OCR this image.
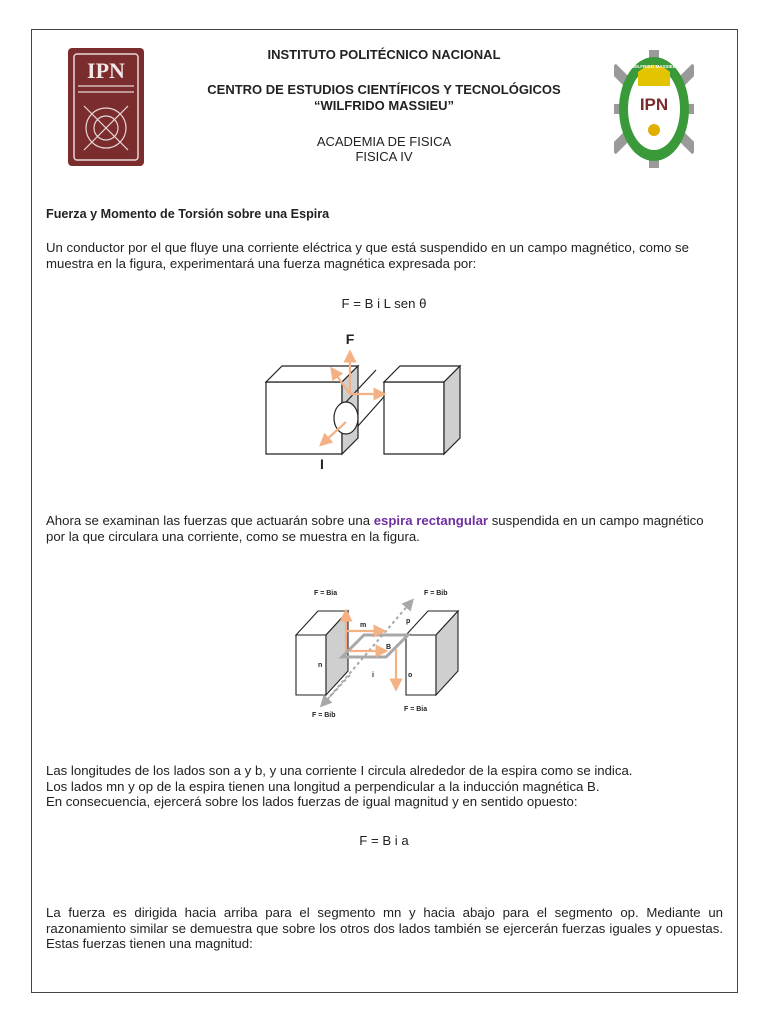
IPN	WILFRIDO MASSIEU
IPN
INSTITUTO POLITÉCNICO NACIONAL
CENTRO DE ESTUDIOS CIENTÍFICOS Y TECNOLÓGICOS
“WILFRIDO MASSIEU”
ACADEMIA DE FISICA
FISICA IV
Fuerza y Momento de Torsión sobre una Espira
Un conductor por el que fluye una corriente eléctrica y que está suspendido en un campo magnético, como se muestra en la figura, experimentará una fuerza magnética expresada por:
F = B i L sen θ
F
I
Ahora se examinan las fuerzas que actuarán sobre una espira rectangular suspendida en un campo magnético por la que circulara una corriente, como se muestra en la figura.
F = Bia	F = Bib
m
p
B
n
i	o
F = Bib
F = Bia
Las longitudes de los lados son a y b, y una corriente I circula alrededor de la espira como se indica.
Los lados mn y op de la espira tienen una longitud a perpendicular a la inducción magnética B.
En consecuencia, ejercerá sobre los lados fuerzas de igual magnitud y en sentido opuesto:
F = B i a
La fuerza es dirigida hacia arriba para el segmento mn y hacia abajo para el segmento op. Mediante un razonamiento similar se demuestra que sobre los otros dos lados también se ejercerán fuerzas iguales y opuestas. Estas fuerzas tienen una magnitud:
